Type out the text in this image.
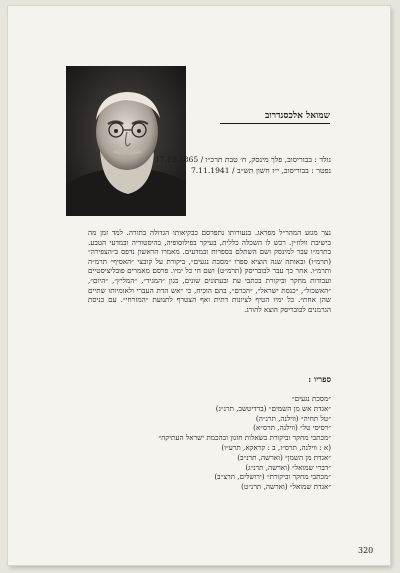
שמואל אלכסנדרוב
נולד : בבוריסוב, פלך מינסק, ח׳ טבת תרכ״ו / 17.12.1865
נפטר : בבוריסוב, י״ז חשון תש״ב / 7.11.1941
נצר מגזע המהר״ל מפראג. בנעורותו נתפרסם כבקיאותו הגדולה בתורה. למד זמן מה בישיבת וולוז׳ין. רכש לו השכלה כללית, בעיקר בפילוסופיה, בהיסטוריה ובמדעי הטבע. בתרמ״ו עבר למינסק ושם השתלם בספרות ובמדעים. מאמרו הראשון נדפס ב״הצפירה״ (תרמ״ו) ובאותה שנה הוציא ספרו ״מסכת נגעים״, ביקורת על קובצי ״האסיף״ תרמ״ה ותרמ״ו. אחר כך עבר לבובריסק (תרמ״ט) ושם חי כל ימיו. פרסם מאמרים פובליציסטיים ועבודות מחקר וביקורת בכתבי עת ובעתונים שונים, כגון ״המגיד״, ״המליץ״, ״היום״, ״האשכול״, ״כנסת ישראל״, ״הכרם״, בהם הוכיח, כי ״אש הדת העברי ולאומיותו שתיים שהן אחת״. כל ימיו הטיף לציונות דתית ואף הצטרף לתנועת ״המזרחי״. עם כניסת הגרמנים לבובריסק הוצא להורג.
ספריו :
״מסכת נגעים״
״אגדת אש מן השמים״ (ברדיטשב, תרנ״ג)
״טל תחיה״ (ווילנה, תרנ״ה)
״רסיסי טל״ (ווילנה, תרס״א)
״מכתבי מחקר וביקורת בשאלות חזנון ובהכמת ישראל העתיקה״
(א : ווילנה, תרס״ז, ב : קראקא, תרע״ו)
״אגדת מן השמן״ (וארשה, תרנ״ב)
״דברי שמואל״ (וארשה, תרנ״ג)
״מכתבי מחקר וביקורת״ (ירושלים, תרצ״ב)
״אגדת שמואל״ (וארשה, תרנ״ט)
320
